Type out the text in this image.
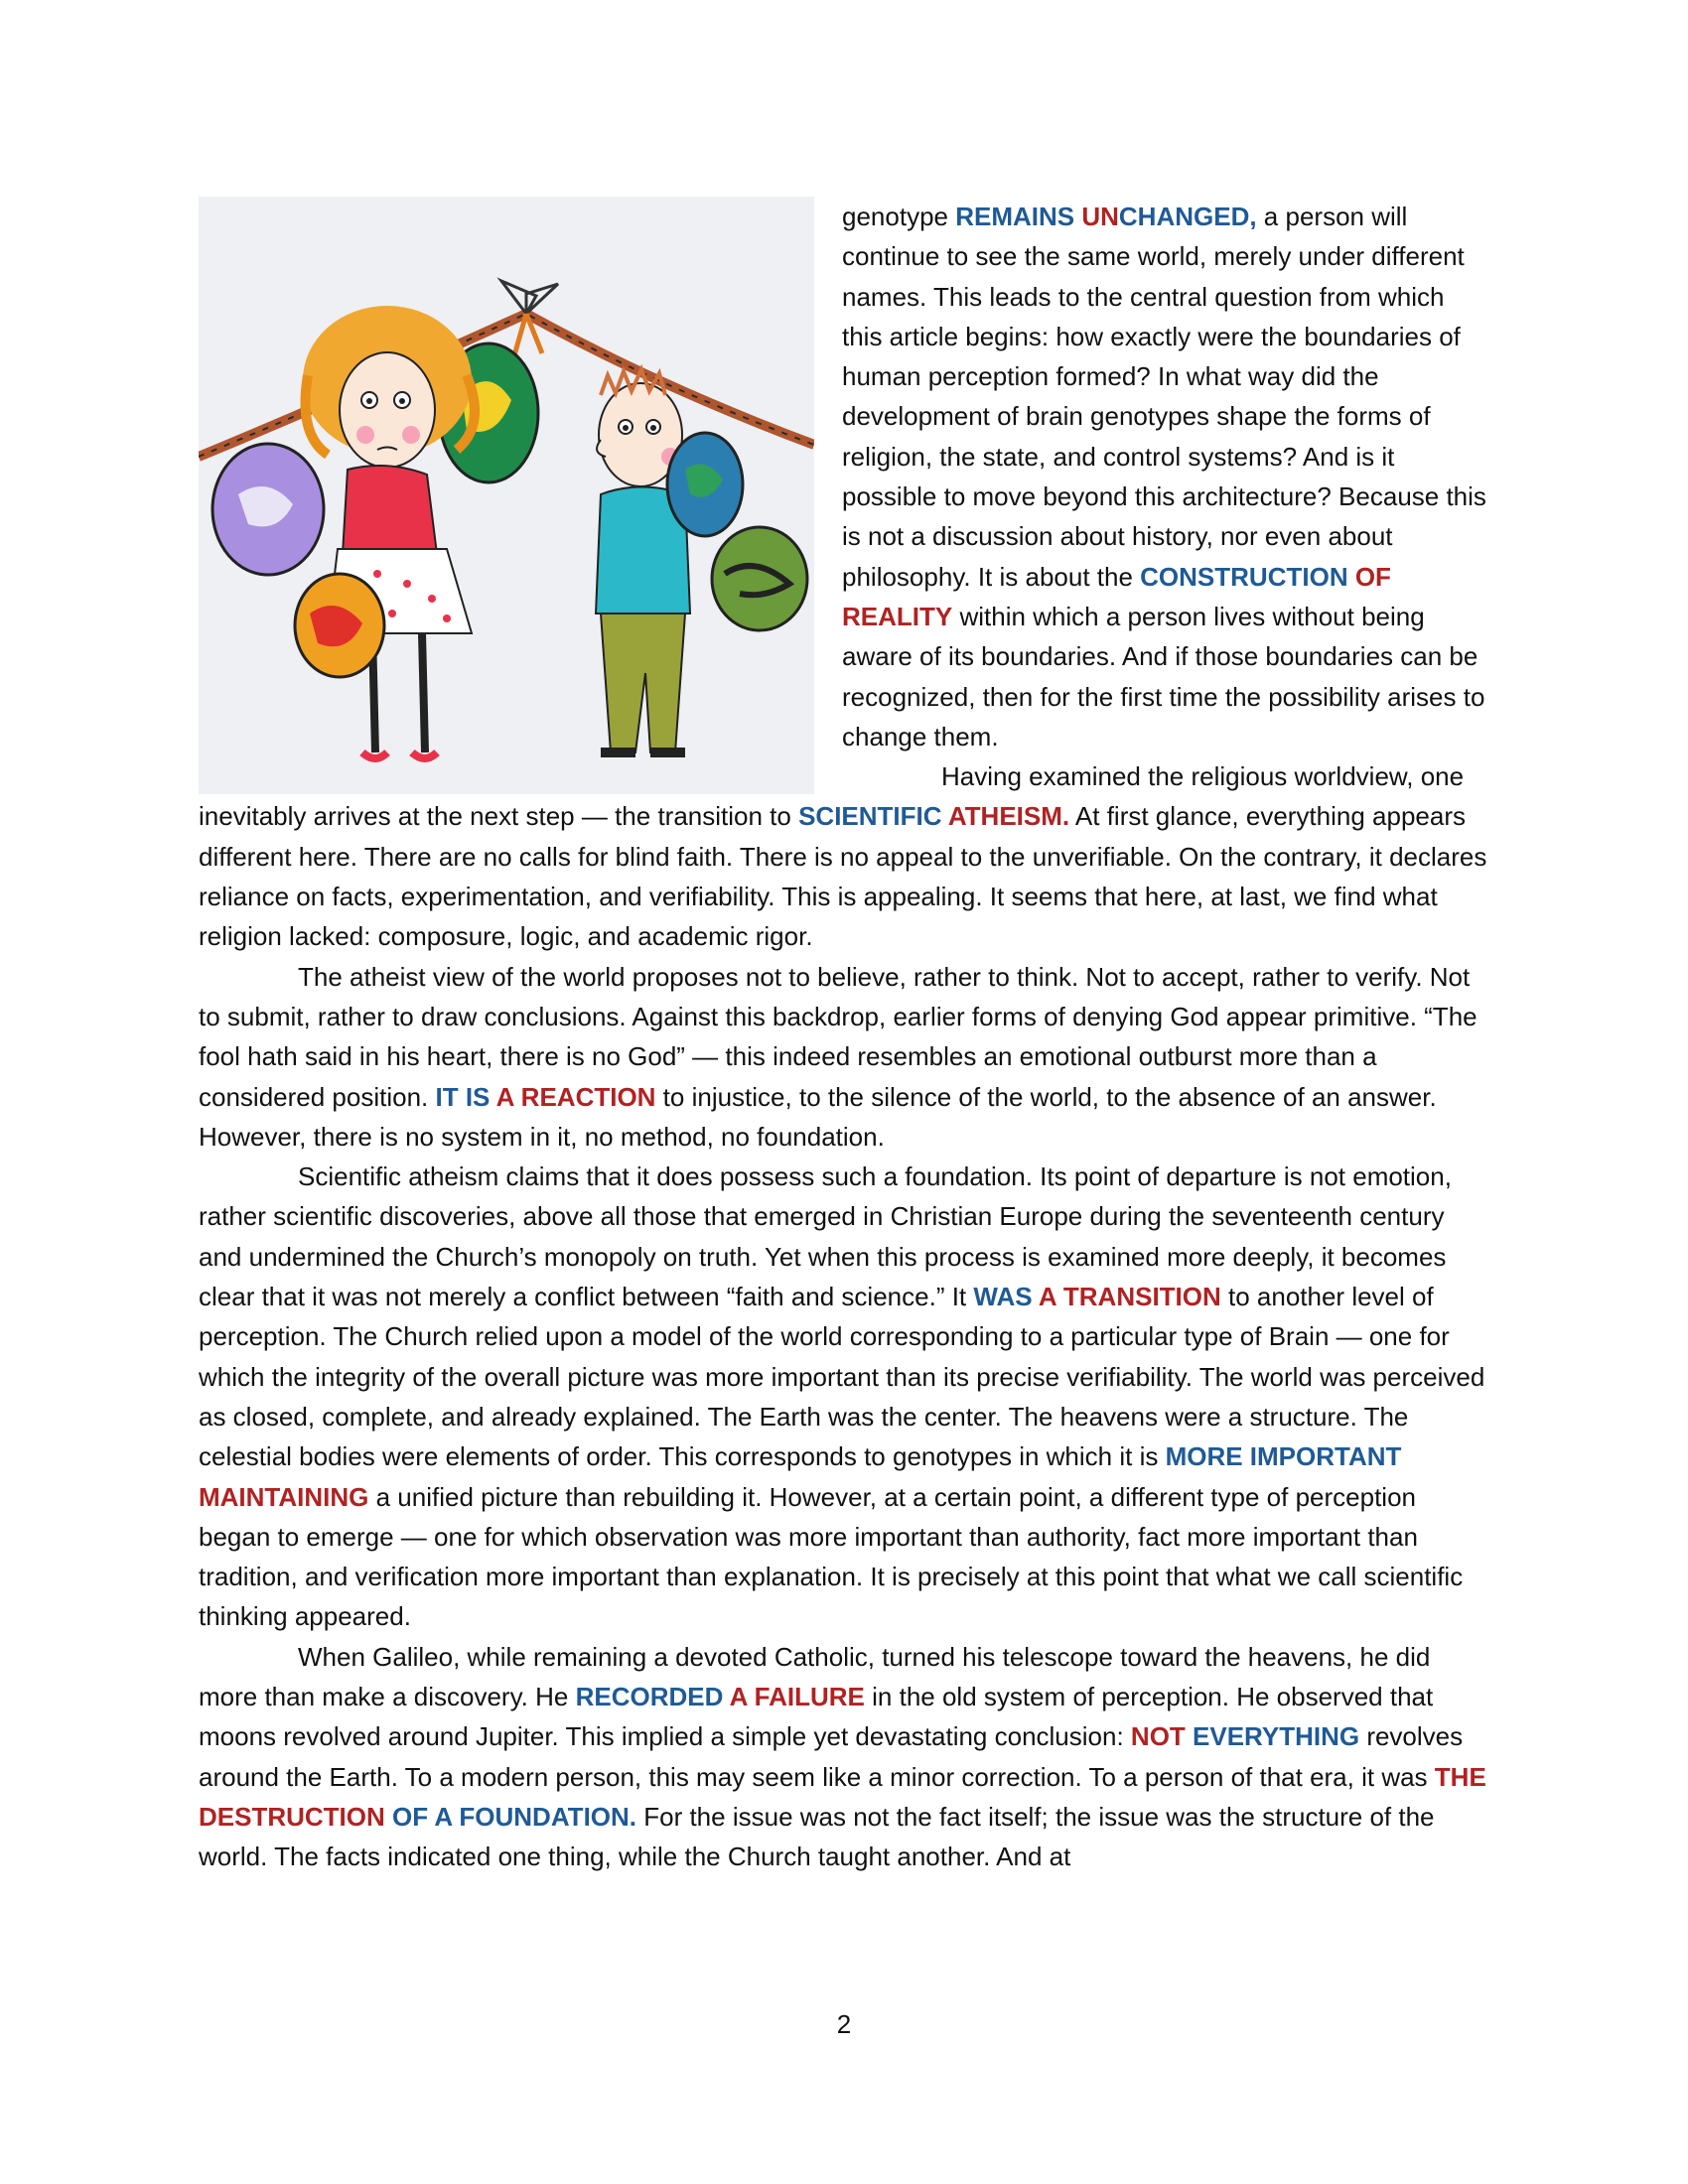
genotype REMAINS UNCHANGED, a person will continue to see the same world, merely under different names. This leads to the central question from which this article begins: how exactly were the boundaries of human perception formed? In what way did the development of brain genotypes shape the forms of religion, the state, and control systems? And is it possible to move beyond this architecture? Because this is not a discussion about history, nor even about philosophy. It is about the CONSTRUCTION OF REALITY within which a person lives without being aware of its boundaries. And if those boundaries can be recognized, then for the first time the possibility arises to change them.

Having examined the religious worldview, one inevitably arrives at the next step — the transition to SCIENTIFIC ATHEISM. At first glance, everything appears different here. There are no calls for blind faith. There is no appeal to the unverifiable. On the contrary, it declares reliance on facts, experimentation, and verifiability. This is appealing. It seems that here, at last, we find what religion lacked: composure, logic, and academic rigor.

The atheist view of the world proposes not to believe, rather to think. Not to accept, rather to verify. Not to submit, rather to draw conclusions. Against this backdrop, earlier forms of denying God appear primitive. “The fool hath said in his heart, there is no God” — this indeed resembles an emotional outburst more than a considered position. IT IS A REACTION to injustice, to the silence of the world, to the absence of an answer. However, there is no system in it, no method, no foundation.

Scientific atheism claims that it does possess such a foundation. Its point of departure is not emotion, rather scientific discoveries, above all those that emerged in Christian Europe during the seventeenth century and undermined the Church’s monopoly on truth. Yet when this process is examined more deeply, it becomes clear that it was not merely a conflict between “faith and science.” It WAS A TRANSITION to another level of perception. The Church relied upon a model of the world corresponding to a particular type of Brain — one for which the integrity of the overall picture was more important than its precise verifiability. The world was perceived as closed, complete, and already explained. The Earth was the center. The heavens were a structure. The celestial bodies were elements of order. This corresponds to genotypes in which it is MORE IMPORTANT MAINTAINING a unified picture than rebuilding it. However, at a certain point, a different type of perception began to emerge — one for which observation was more important than authority, fact more important than tradition, and verification more important than explanation. It is precisely at this point that what we call scientific thinking appeared.

When Galileo, while remaining a devoted Catholic, turned his telescope toward the heavens, he did more than make a discovery. He RECORDED A FAILURE in the old system of perception. He observed that moons revolved around Jupiter. This implied a simple yet devastating conclusion: NOT EVERYTHING revolves around the Earth. To a modern person, this may seem like a minor correction. To a person of that era, it was THE DESTRUCTION OF A FOUNDATION. For the issue was not the fact itself; the issue was the structure of the world. The facts indicated one thing, while the Church taught another. And at

2
